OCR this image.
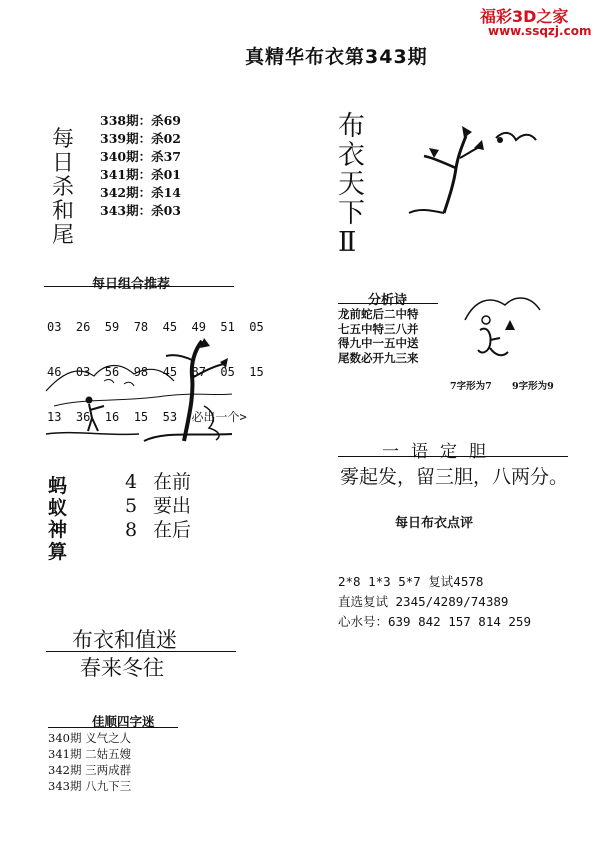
福彩3D之家
www.ssqzj.com
真精华布衣第343期
每日杀和尾
338期：杀69
339期：杀02
340期：杀37
341期：杀01
342期：杀14
343期：杀03
布衣天下Ⅱ
每日组合推荐

03  26  59  78  45  49  51  05

46  03  56  98  45  87  05  15

13  36  16  15  53  必出一个>

蚂蚁神算
4 在前
5 要出
8 在后
分析诗
龙前蛇后二中特
七五中特三八并
得九中一五中送
尾数必开九三来
7字形为7 9字形为9
一语定胆
雾起发，留三胆，八两分。
每日布衣点评
2*8 1*3 5*7 复试4578
直选复试 2345/4289/74389
心水号：639 842 157 814 259
布衣和值迷
春来冬往
佳顺四字迷
340期 义气之人
341期 二姑五嫂
342期 三两成群
343期 八九下三
